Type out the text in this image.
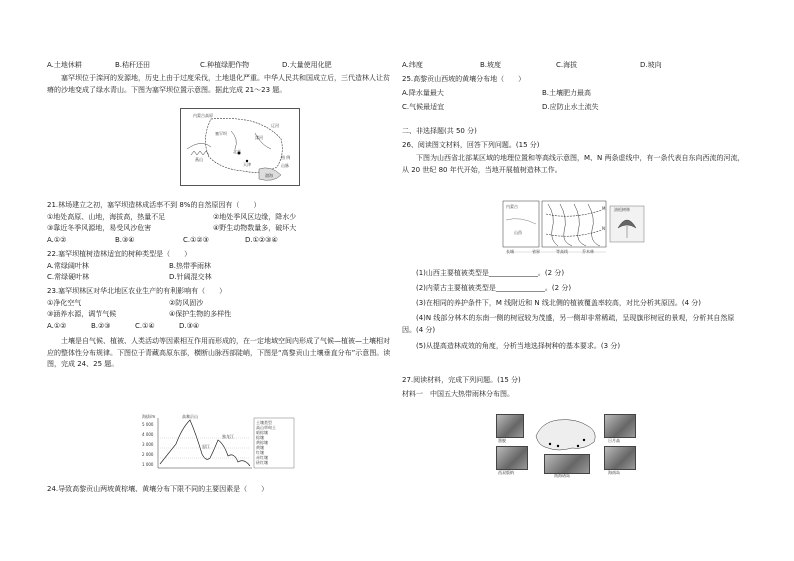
A.土地休耕	B.秸秆还田	C.种植绿肥作物	D.大量使用化肥
塞罕坝位于滦河的发源地，历史上由于过度采伐，土地退化严重。中华人民共和国成立后，三代造林人让贫瘠的沙地变成了绿水青山。下图为塞罕坝位置示意图。据此完成 21～23 题。
内蒙古高原
塞罕坝
北京
天津
渤海
燕山
滦河
辽河
图 例
山脉
21.林场建立之初，塞罕坝造林成活率不到 8%的自然原因有（　　）
①地处高原、山地，海拔高，热量不足	②地处季风区边缘，降水少
③靠近冬季风源地，易受风沙危害	④野生动物数量多，破坏大
A.①②	B.③④	C.①②③	D.①②③④
22.塞罕坝植树造林适宜的树种类型是（　　）
A.常绿阔叶林	B.热带季雨林
C.常绿硬叶林	D.针阔混交林
23.塞罕坝林区对华北地区农业生产的有利影响有（　　）
①净化空气	②防风固沙
③涵养水源，调节气候	④保护生物的多样性
A.①②	B.②③	C.①④	D.③④
土壤是自气候、植被、人类活动等因素相互作用而形成的，在一定地域空间内形成了气候—植被—土壤相对应的整体性分布规律。下图位于青藏高原东部，横断山脉西部陡峭，下图是“高黎贡山土壤垂直分布”示意图。读图，完成 24、25 题。
海拔/m
5 000
4 000
3 000
2 000
1 000
高黎贡山
怒江
独龙江
土壤类型
高山草甸土
暗棕壤
棕壤
黄棕壤
黄壤
红壤
赤红壤
砖红壤
24.导致高黎贡山两坡黄棕壤、黄壤分布下限不同的主要因素是（　　）
A.纬度	B.坡度	C.海拔	D.坡向
25.高黎贡山西坡的黄壤分布地（　　）
A.降水量最大	B.土壤肥力最高
C.气候最适宜	D.应防止水土流失
二、非选择题(共 50 分)
26、阅读图文材料，回答下列问题。(15 分)
下图为山西省北部某区域的地理位置和等高线示意图，M、N 两条虚线中，有一条代表自东向西流的河流，从 20 世纪 80 年代开始，当地开展植树造林工作。
内蒙古
山西
M
N
油松树林
长城	省界	等高线	乔木林
(1)山西主要植被类型是______________。(2 分)
(2)内蒙古主要植被类型是______________。(2 分)
(3)在相同的养护条件下，M 线附近和 N 线北侧的植被覆盖率较高，对比分析其原因。(4 分)
(4)N 线部分林木的东南一侧的树冠较为茂盛，另一侧却非常稀疏，呈现旗形树冠的景观，分析其自然原因。(4 分)
(5)从提高造林成效的角度，分析当地选择树种的基本要求。(3 分)
27.阅读材料，完成下列问题。(15 分)
材料一　中国五大热带雨林分布图。
墨脱
西双版纳
日月高
海南岛
南海诸岛
